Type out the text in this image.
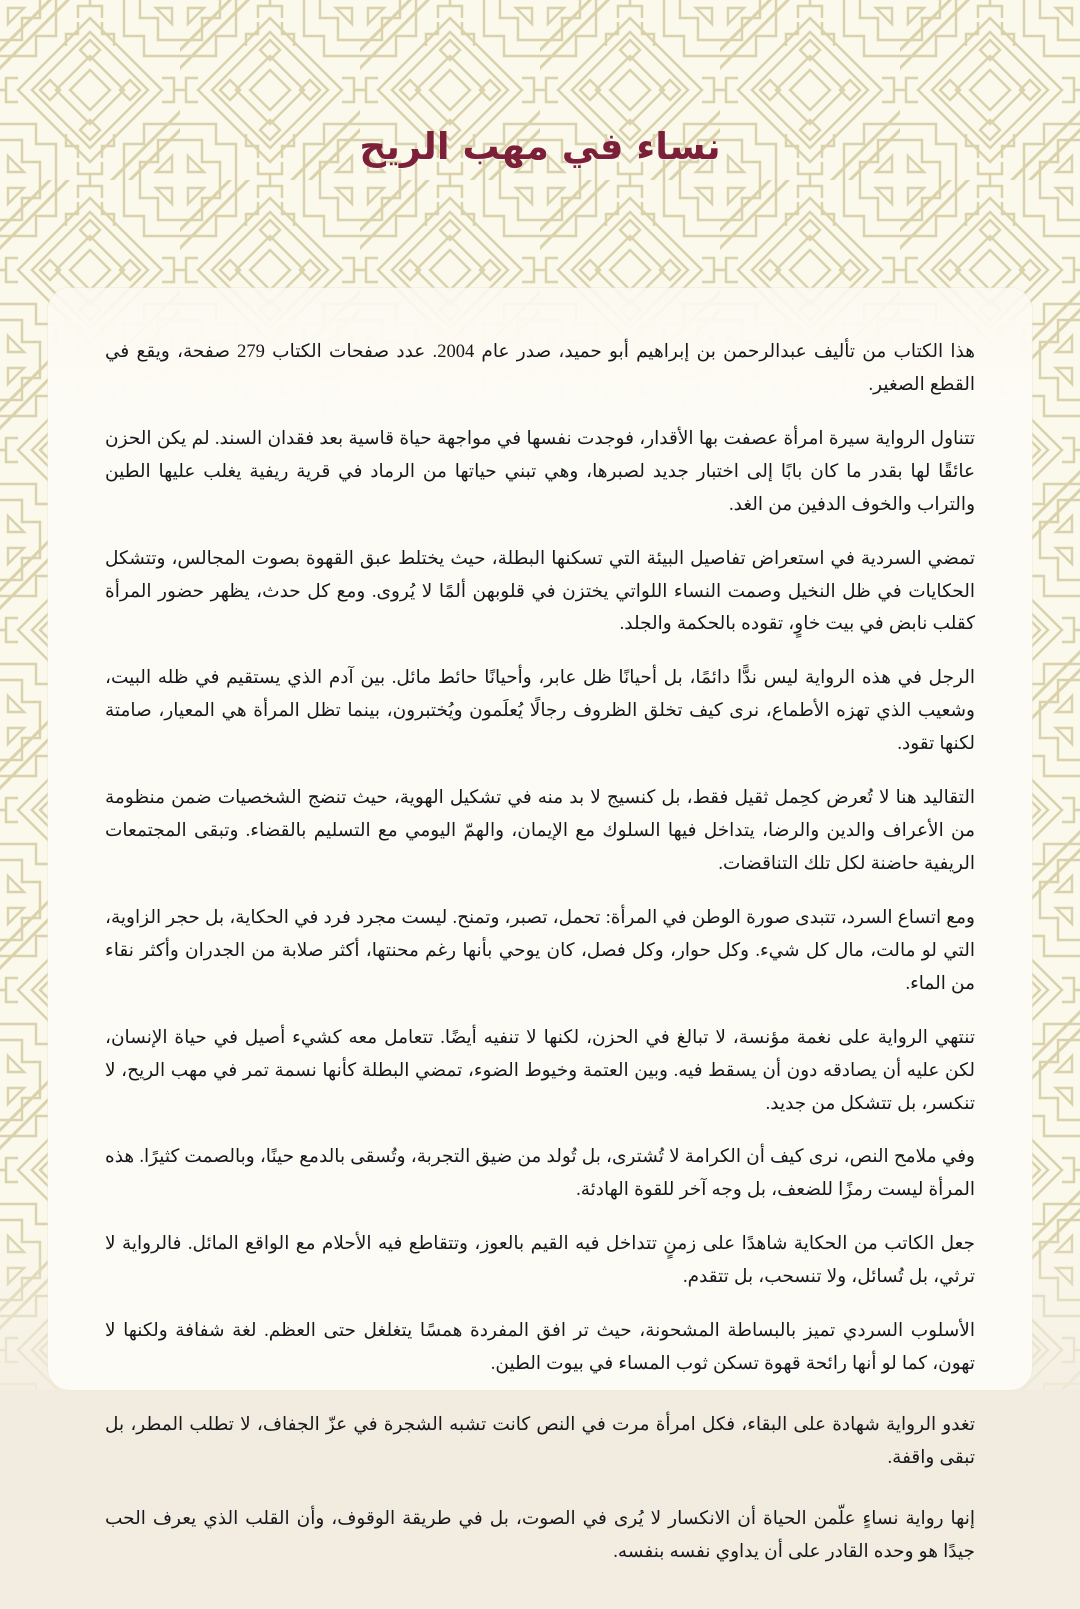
نساء في مهب الريح

هذا الكتاب من تأليف عبدالرحمن بن إبراهيم أبو حميد، صدر عام 2004. عدد صفحات الكتاب 279 صفحة، ويقع في القطع الصغير.

تتناول الرواية سيرة امرأة عصفت بها الأقدار، فوجدت نفسها في مواجهة حياة قاسية بعد فقدان السند. لم يكن الحزن عائقًا لها بقدر ما كان بابًا إلى اختبار جديد لصبرها، وهي تبني حياتها من الرماد في قرية ريفية يغلب عليها الطين والتراب والخوف الدفين من الغد.

تمضي السردية في استعراض تفاصيل البيئة التي تسكنها البطلة، حيث يختلط عبق القهوة بصوت المجالس، وتتشكل الحكايات في ظل النخيل وصمت النساء اللواتي يختزن في قلوبهن ألمًا لا يُروى. ومع كل حدث، يظهر حضور المرأة كقلب نابض في بيت خاوٍ، تقوده بالحكمة والجلد.

الرجل في هذه الرواية ليس ندًّا دائمًا، بل أحيانًا ظل عابر، وأحيانًا حائط مائل. بين آدم الذي يستقيم في ظله البيت، وشعيب الذي تهزه الأطماع، نرى كيف تخلق الظروف رجالًا يُعلَمون ويُختبرون، بينما تظل المرأة هي المعيار، صامتة لكنها تقود.

التقاليد هنا لا تُعرض كحِمل ثقيل فقط، بل كنسيج لا بد منه في تشكيل الهوية، حيث تنضج الشخصيات ضمن منظومة من الأعراف والدين والرضا، يتداخل فيها السلوك مع الإيمان، والهمّ اليومي مع التسليم بالقضاء. وتبقى المجتمعات الريفية حاضنة لكل تلك التناقضات.

ومع اتساع السرد، تتبدى صورة الوطن في المرأة: تحمل، تصبر، وتمنح. ليست مجرد فرد في الحكاية، بل حجر الزاوية، التي لو مالت، مال كل شيء. وكل حوار، وكل فصل، كان يوحي بأنها رغم محنتها، أكثر صلابة من الجدران وأكثر نقاء من الماء.

تنتهي الرواية على نغمة مؤنسة، لا تبالغ في الحزن، لكنها لا تنفيه أيضًا. تتعامل معه كشيء أصيل في حياة الإنسان، لكن عليه أن يصادقه دون أن يسقط فيه. وبين العتمة وخيوط الضوء، تمضي البطلة كأنها نسمة تمر في مهب الريح، لا تنكسر، بل تتشكل من جديد.

وفي ملامح النص، نرى كيف أن الكرامة لا تُشترى، بل تُولد من ضيق التجربة، وتُسقى بالدمع حينًا، وبالصمت كثيرًا. هذه المرأة ليست رمزًا للضعف، بل وجه آخر للقوة الهادئة.

جعل الكاتب من الحكاية شاهدًا على زمنٍ تتداخل فيه القيم بالعوز، وتتقاطع فيه الأحلام مع الواقع المائل. فالرواية لا ترثي، بل تُسائل، ولا تنسحب، بل تتقدم.

الأسلوب السردي تميز بالبساطة المشحونة، حيث تر افق المفردة همسًا يتغلغل حتى العظم. لغة شفافة ولكنها لا تهون، كما لو أنها رائحة قهوة تسكن ثوب المساء في بيوت الطين.

تغدو الرواية شهادة على البقاء، فكل امرأة مرت في النص كانت تشبه الشجرة في عزّ الجفاف، لا تطلب المطر، بل تبقى واقفة.

إنها رواية نساءٍ علّمن الحياة أن الانكسار لا يُرى في الصوت، بل في طريقة الوقوف، وأن القلب الذي يعرف الحب جيدًا هو وحده القادر على أن يداوي نفسه بنفسه.
